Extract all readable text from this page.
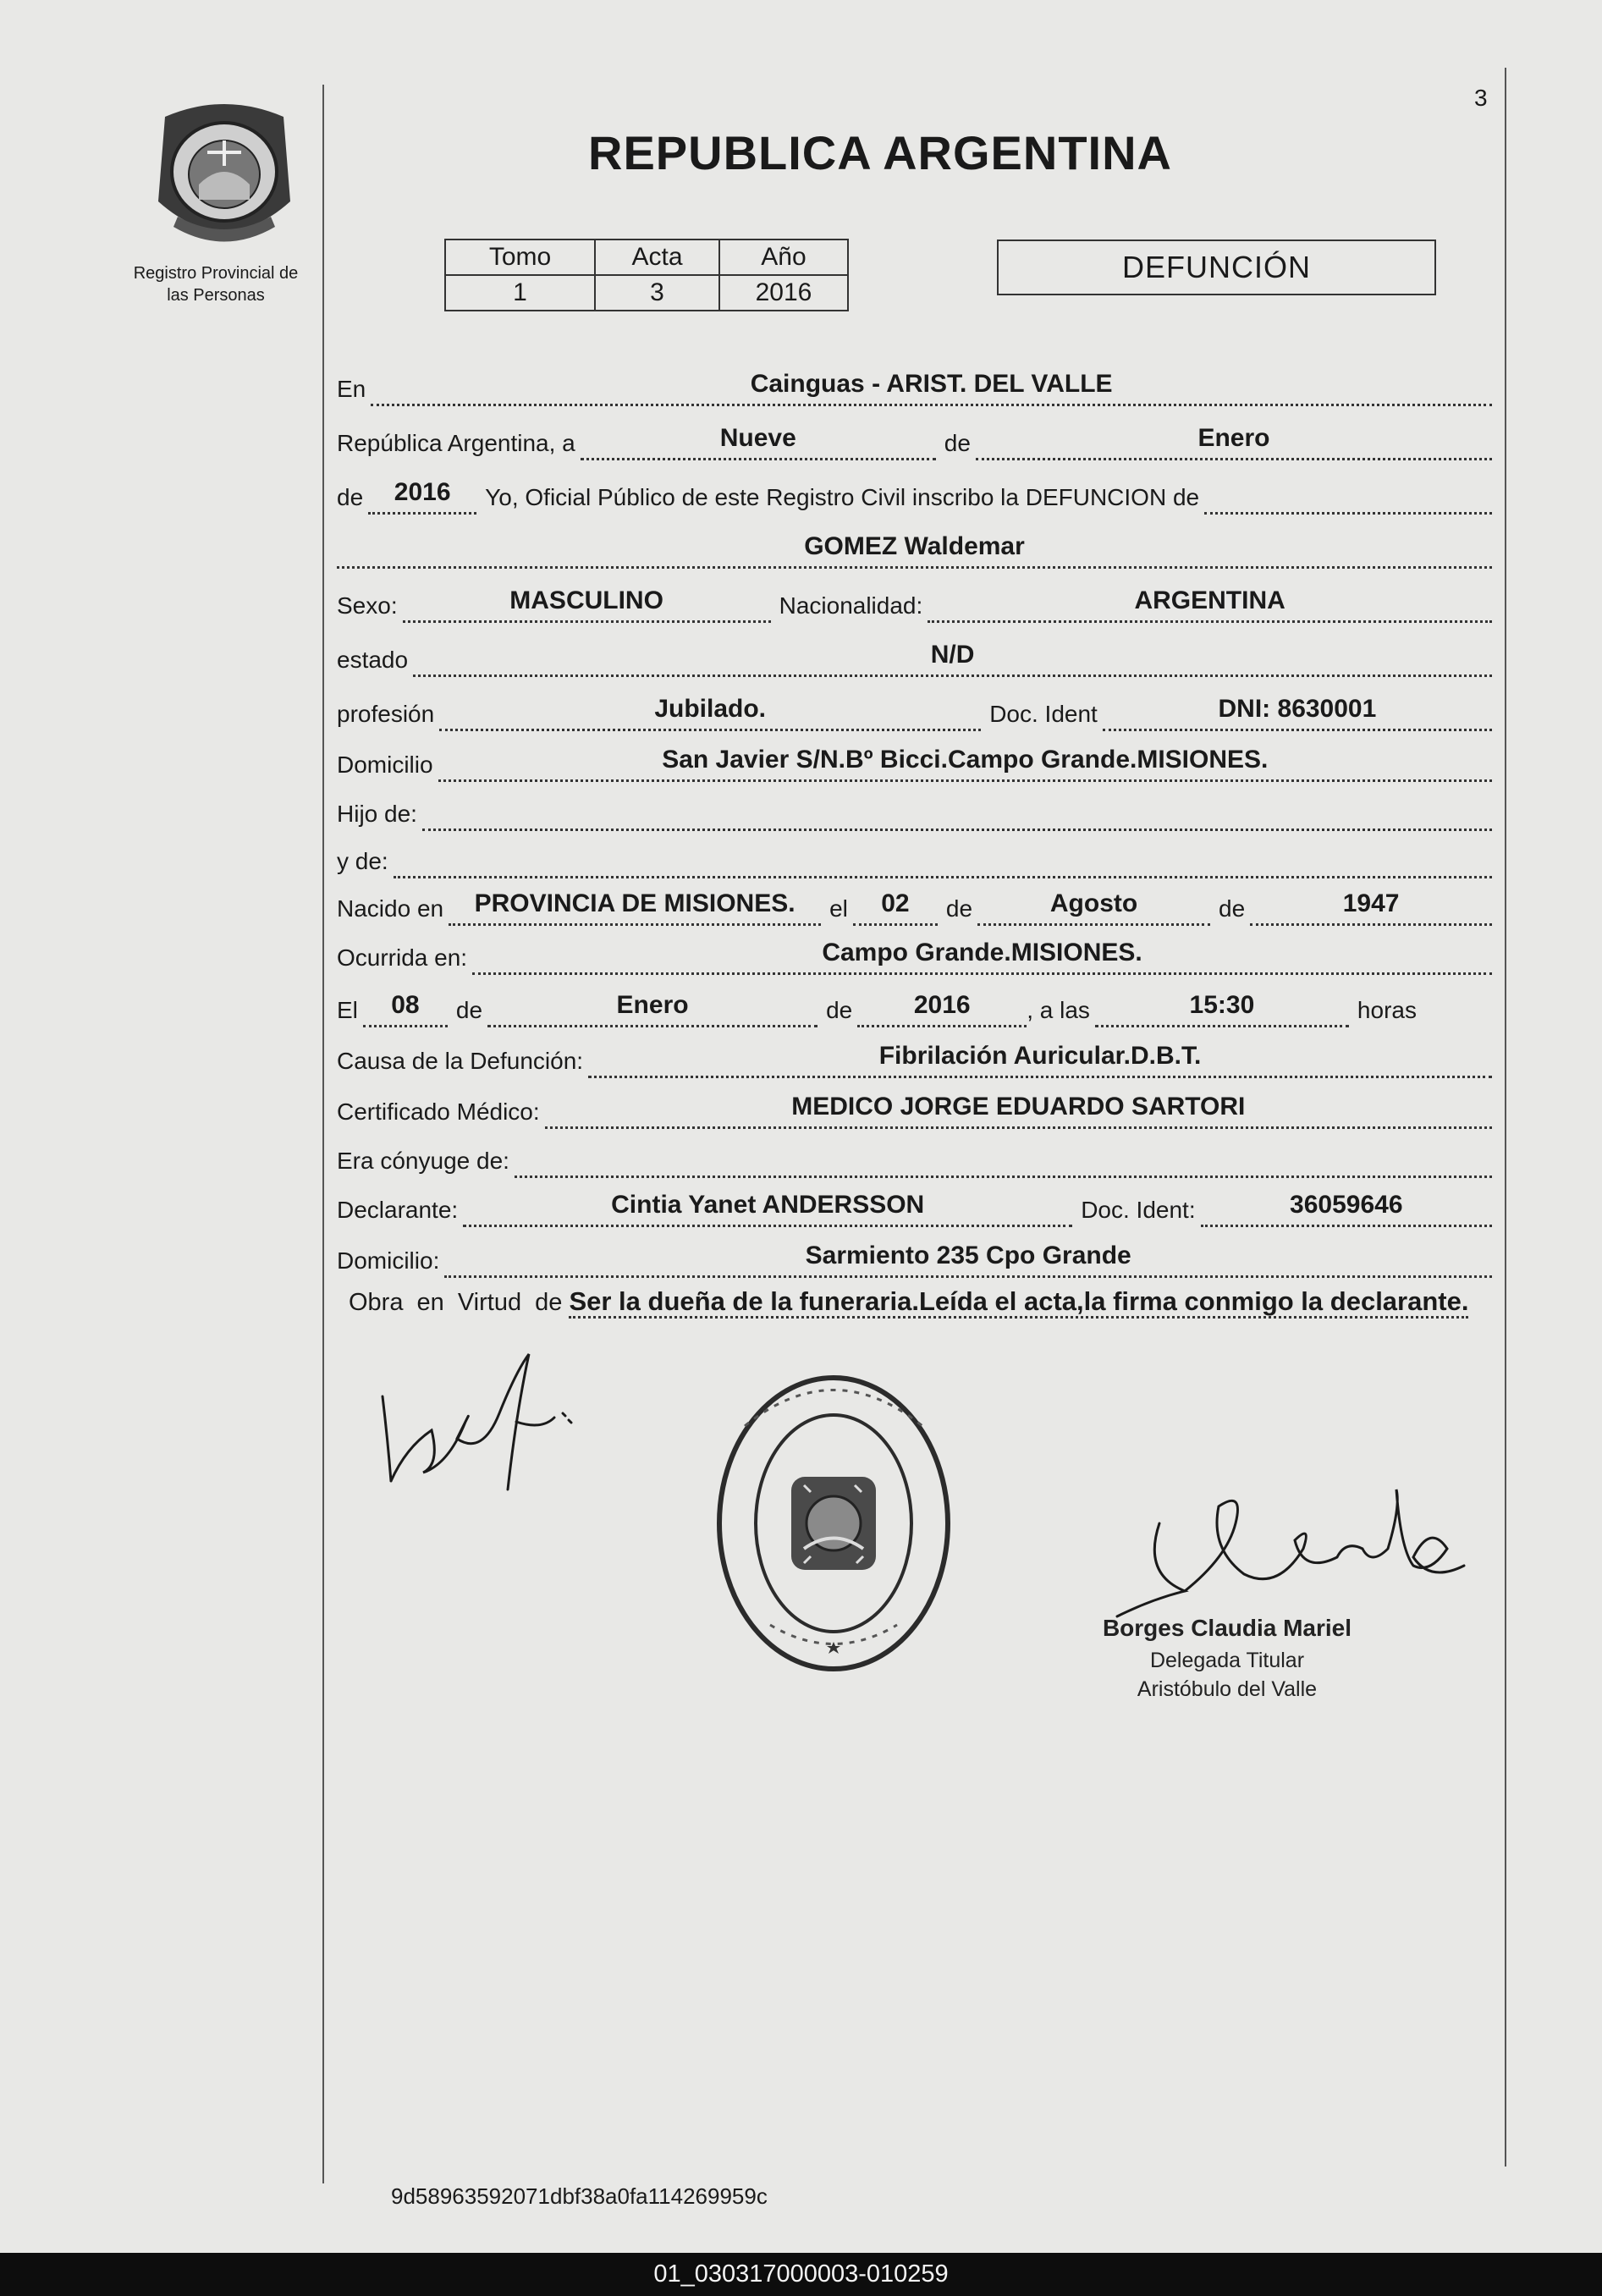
3
Registro Provincial de
las Personas
REPUBLICA ARGENTINA
Tomo	Acta	Año
1	3	2016
DEFUNCIÓN
En	Cainguas - ARIST. DEL VALLE
República Argentina, a	Nueve	de	Enero
de	2016	Yo, Oficial Público de este Registro Civil inscribo la DEFUNCION de
GOMEZ Waldemar
Sexo:	MASCULINO	Nacionalidad:	ARGENTINA
estado	N/D
profesión	Jubilado.	Doc. Ident	DNI: 8630001
Domicilio	San Javier S/N.Bº Bicci.Campo Grande.MISIONES.
Hijo de:
y de:
Nacido en	PROVINCIA DE MISIONES.	el	02	de	Agosto	de	1947
Ocurrida en:	Campo Grande.MISIONES.
El	08	de	Enero	de	2016	, a las	15:30	horas
Causa de la Defunción:	Fibrilación Auricular.D.B.T.
Certificado Médico:	MEDICO JORGE EDUARDO SARTORI
Era cónyuge de:
Declarante:	Cintia Yanet ANDERSSON	Doc. Ident:	36059646
Domicilio:	Sarmiento 235 Cpo Grande
Obra en Virtud de Ser la dueña de la funeraria.Leída el acta,la firma conmigo la declarante.
Borges Claudia Mariel
Delegada Titular
Aristóbulo del Valle
9d58963592071dbf38a0fa114269959c
01_030317000003-010259
